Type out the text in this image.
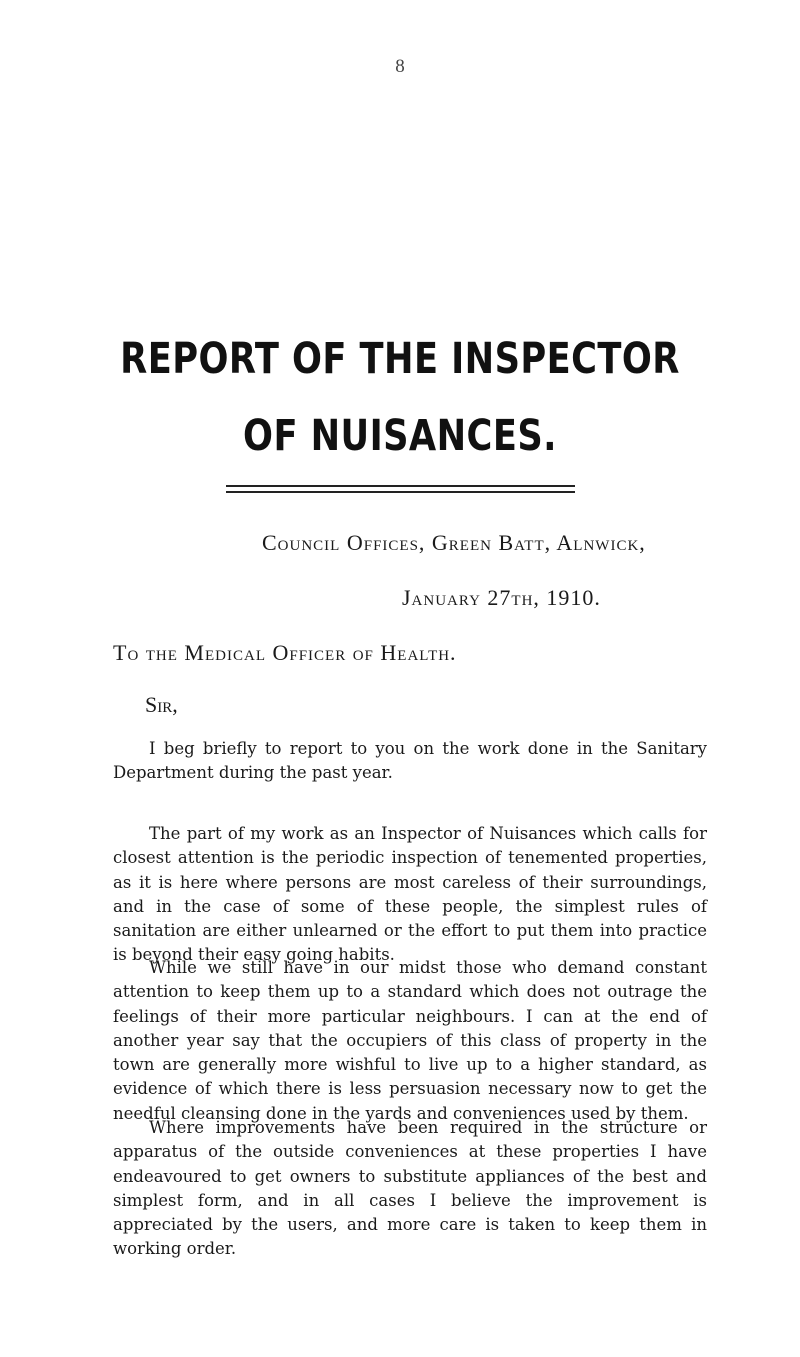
8
REPORT OF THE INSPECTOR
OF NUISANCES.
Council Offices, Green Batt, Alnwick,
January 27th, 1910.
To the Medical Officer of Health.
Sir,

I beg briefly to report to you on the work done in the Sanitary Department during the past year.

The part of my work as an Inspector of Nuisances which calls for closest attention is the periodic inspection of tenemented properties, as it is here where persons are most careless of their surroundings, and in the case of some of these people, the simplest rules of sanitation are either unlearned or the effort to put them into practice is beyond their easy going habits.

While we still have in our midst those who demand constant attention to keep them up to a standard which does not outrage the feelings of their more particular neighbours. I can at the end of another year say that the occupiers of this class of property in the town are generally more wishful to live up to a higher standard, as evidence of which there is less persuasion necessary now to get the needful cleansing done in the yards and conveniences used by them.

Where improvements have been required in the structure or apparatus of the outside conveniences at these properties I have endeavoured to get owners to substitute appliances of the best and simplest form, and in all cases I believe the improvement is appreciated by the users, and more care is taken to keep them in working order.
